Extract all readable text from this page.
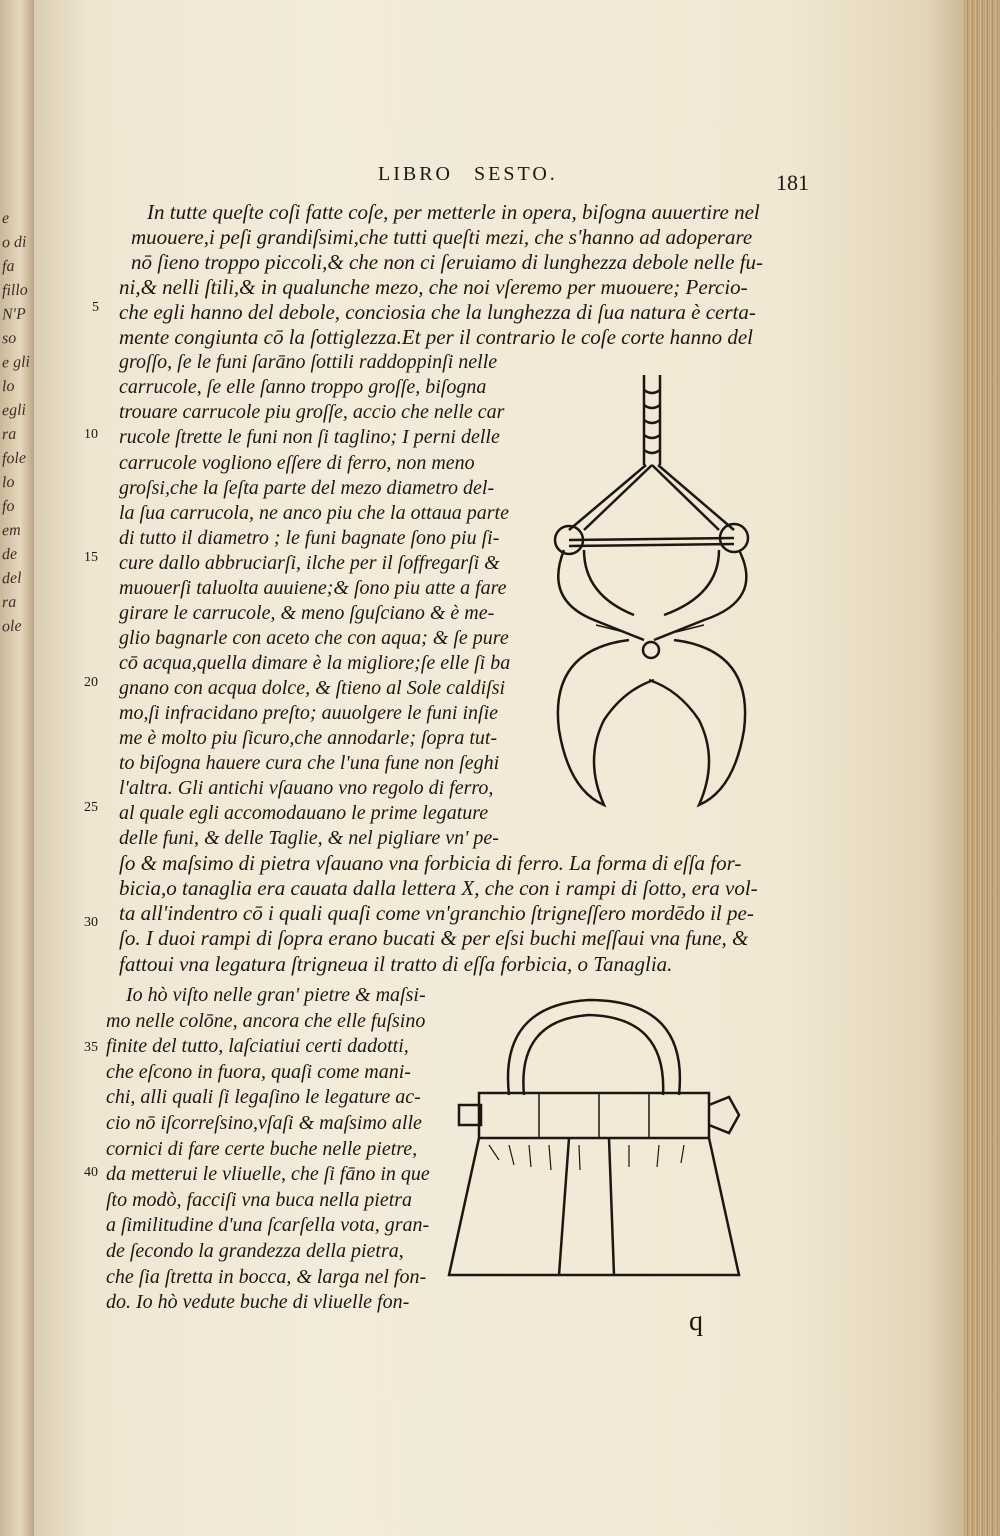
e
o di
fa
fillo
N'P
so
e gli
lo
egli
ra
fole
lo
fo
em
de
del
ra
ole
LIBRO SESTO.	181
In tutte queſte coſi fatte coſe, per metterle in opera, biſogna auuertire nel
muouere,i peſi grandiſsimi,che tutti queſti mezi, che s'hanno ad adoperare
nō ſieno troppo piccoli,& che non ci ſeruiamo di lunghezza debole nelle fu-
ni,& nelli ſtili,& in qualunche mezo, che noi vſeremo per muouere; Percio-
che egli hanno del debole, conciosia che la lunghezza di ſua natura è certa-
mente congiunta cō la ſottiglezza.Et per il contrario le coſe corte hanno del
groſſo, ſe le funi ſarāno ſottili raddoppinſi nelle
carrucole, ſe elle ſanno troppo groſſe, biſogna
trouare carrucole piu groſſe, accio che nelle car
rucole ſtrette le funi non ſi taglino; I perni delle
carrucole vogliono eſſere di ferro, non meno
groſsi,che la ſeſta parte del mezo diametro del-
la ſua carrucola, ne anco piu che la ottaua parte
di tutto il diametro ; le funi bagnate ſono piu ſi-
cure dallo abbruciarſi, ilche per il ſoffregarſi &
muouerſi taluolta auuiene;& ſono piu atte a fare
girare le carrucole, & meno ſguſciano & è me-
glio bagnarle con aceto che con aqua; & ſe pure
cō acqua,quella dimare è la migliore;ſe elle ſi ba
gnano con acqua dolce, & ſtieno al Sole caldiſsi
mo,ſi infracidano preſto; auuolgere le funi inſie
me è molto piu ſicuro,che annodarle; ſopra tut-
to biſogna hauere cura che l'una fune non ſeghi
l'altra. Gli antichi vſauano vno regolo di ferro,
al quale egli accomodauano le prime legature
delle funi, & delle Taglie, & nel pigliare vn' pe-
ſo & maſsimo di pietra vſauano vna forbicia di ferro. La forma di eſſa for-
bicia,o tanaglia era cauata dalla lettera X, che con i rampi di ſotto, era vol-
ta all'indentro cō i quali quaſi come vn'granchio ſtrigneſſero mordēdo il pe-
ſo. I duoi rampi di ſopra erano bucati & per eſsi buchi meſſaui vna fune, &
fattoui vna legatura ſtrigneua il tratto di eſſa forbicia, o Tanaglia.
Io hò viſto nelle gran' pietre & maſsi-
mo nelle colōne, ancora che elle fuſsino
finite del tutto, laſciatiui certi dadotti,
che eſcono in fuora, quaſi come mani-
chi, alli quali ſi legaſino le legature ac-
cio nō iſcorreſsino,vſaſi & maſsimo alle
cornici di fare certe buche nelle pietre,
da metterui le vliuelle, che ſi fāno in que
ſto modò, facciſi vna buca nella pietra
a ſimilitudine d'una ſcarſella vota, gran-
de ſecondo la grandezza della pietra,
che ſia ſtretta in bocca, & larga nel fon-
do. Io hò vedute buche di vliuelle fon-
5
10
15
20
25
30
35
40
q
